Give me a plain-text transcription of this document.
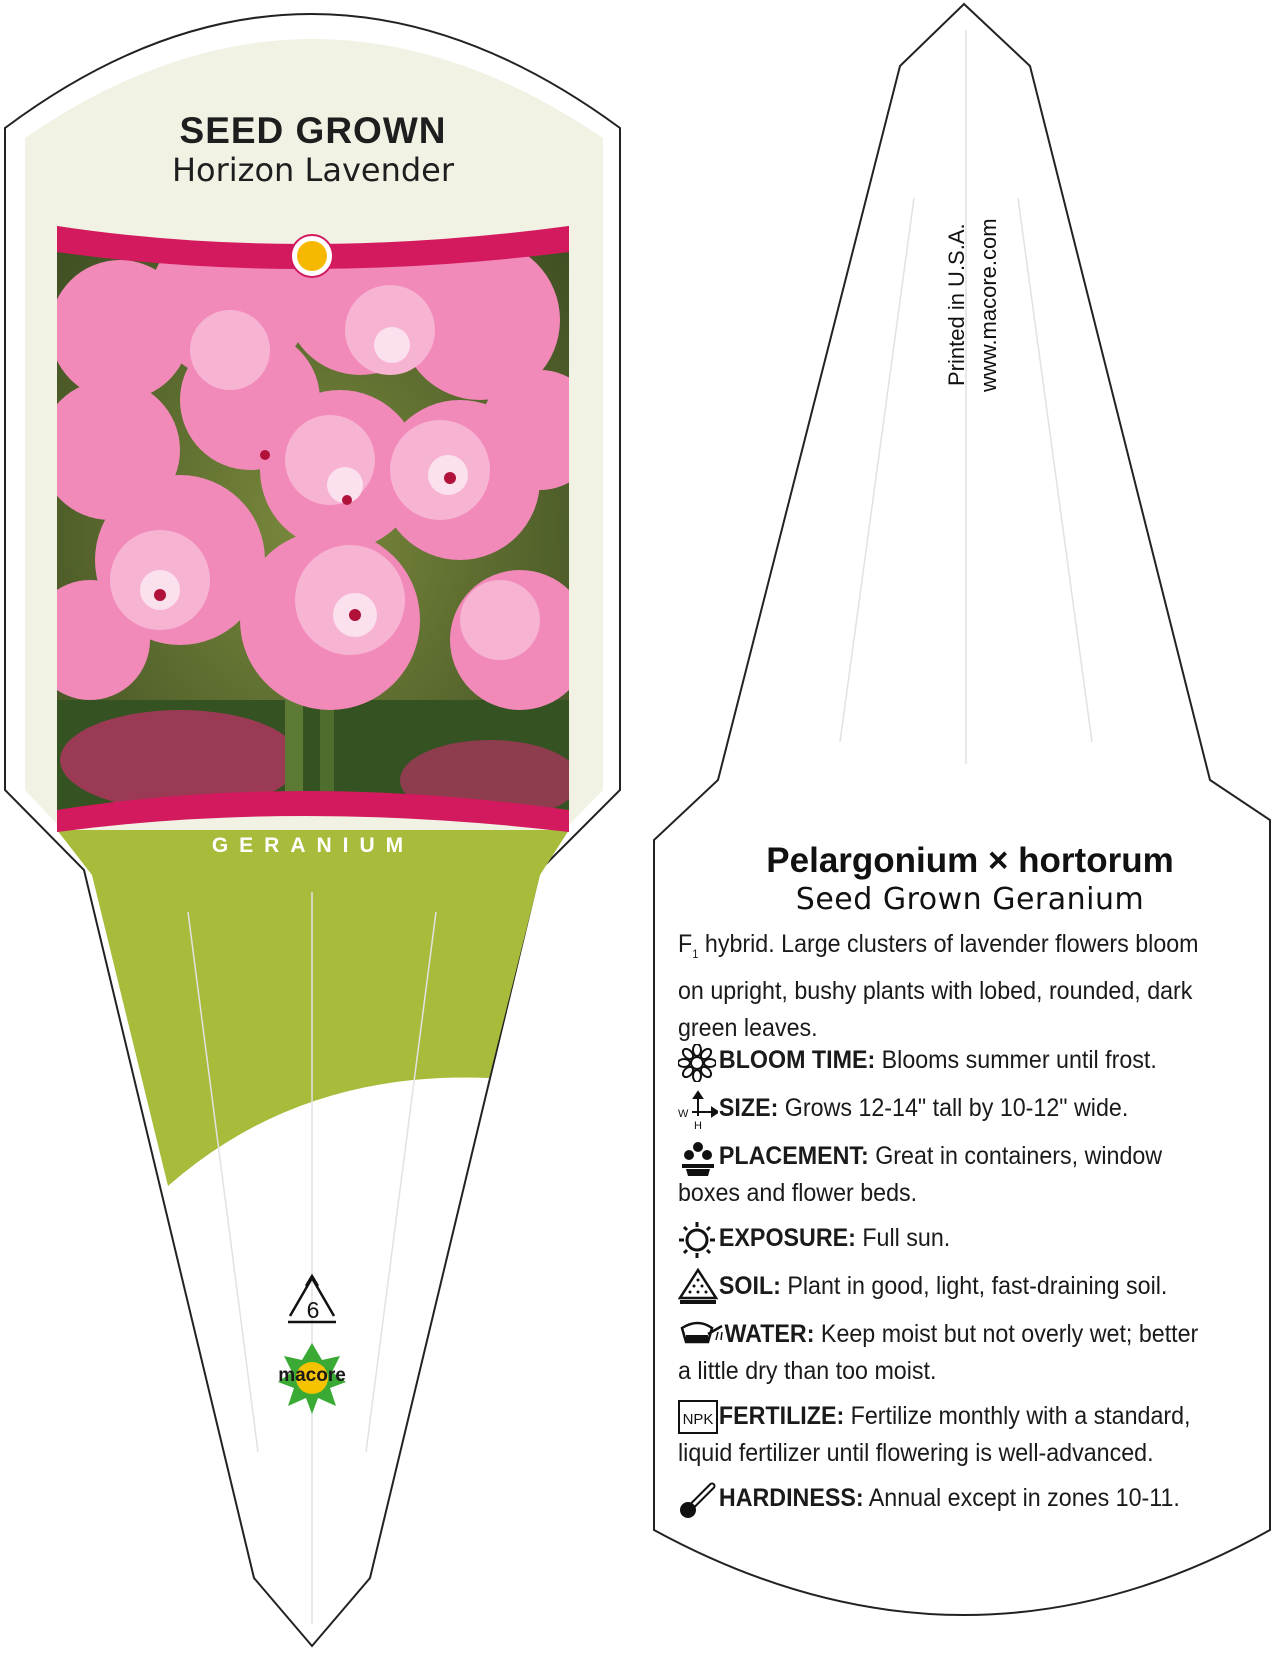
SEED GROWN
Horizon Lavender
GERANIUM
6
macore
Printed in U.S.A. www.macore.com
Pelargonium × hortorum
Seed Grown Geranium
$F_1$ hybrid. Large clusters of lavender flowers bloom on upright, bushy plants with lobed, rounded, dark green leaves.
BLOOM TIME: Blooms summer until frost.
SIZE: Grows 12-14" tall by 10-12" wide.
PLACEMENT: Great in containers, window boxes and flower beds.
EXPOSURE: Full sun.
SOIL: Plant in good, light, fast-draining soil.
WATER: Keep moist but not overly wet; better a little dry than too moist.
FERTILIZE: Fertilize monthly with a standard, liquid fertilizer until flowering is well-advanced.
HARDINESS: Annual except in zones 10-11.
W
H
NPK
